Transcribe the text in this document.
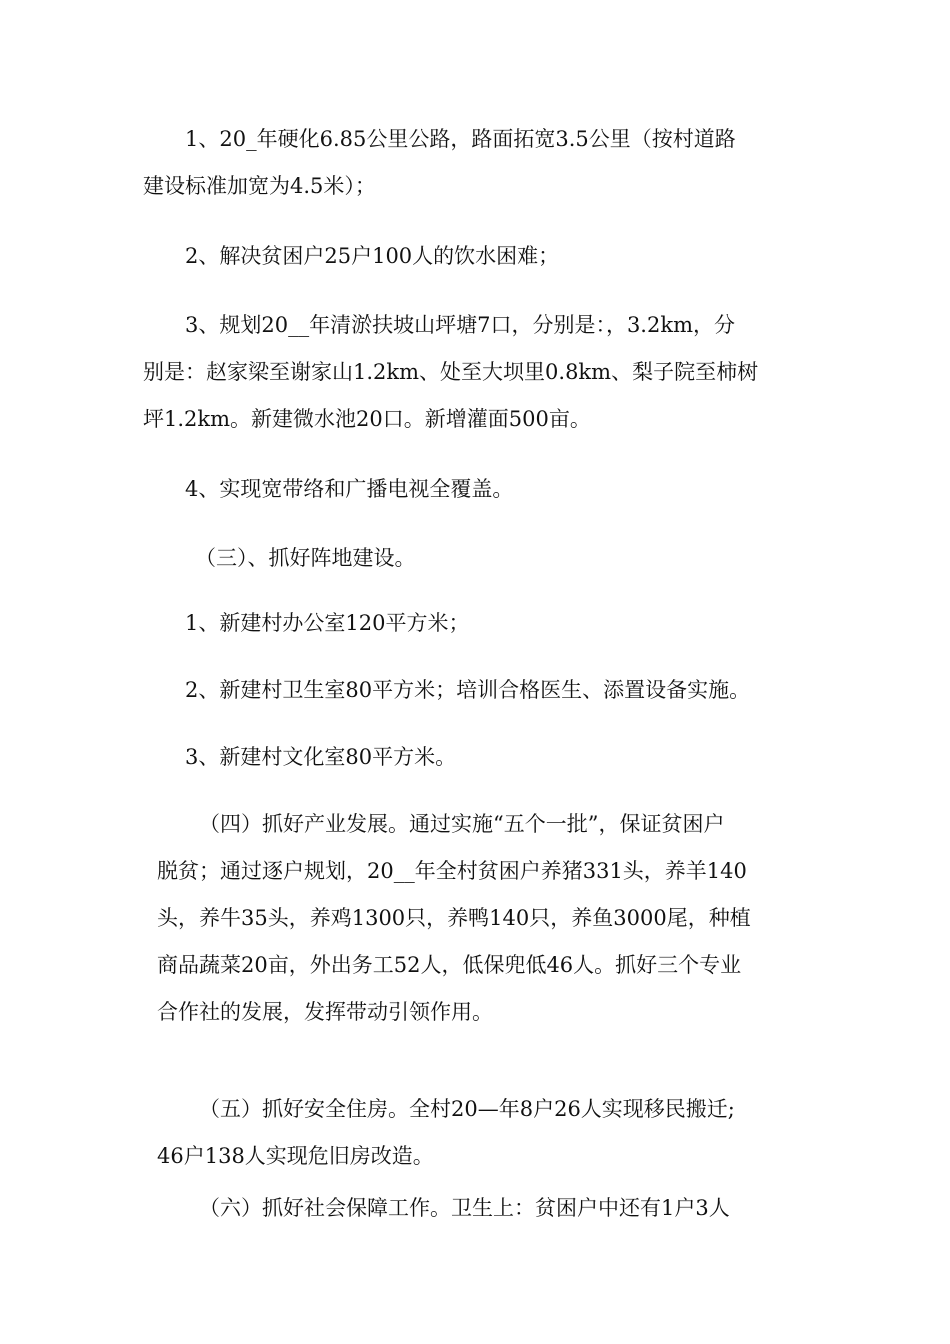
1、20_年硬化6.85公里公路，路面拓宽3.5公里（按村道路
建设标准加宽为4.5米）；

2、解决贫困户25户100人的饮水困难；

3、规划20__年清淤扶坡山坪塘7口，分别是：，3.2km，分
别是：赵家梁至谢家山1.2km、处至大坝里0.8km、梨子院至柿树
坪1.2km。新建微水池20口。新增灌面500亩。

4、实现宽带络和广播电视全覆盖。

（三）、抓好阵地建设。

1、新建村办公室120平方米；

2、新建村卫生室80平方米；培训合格医生、添置设备实施。

3、新建村文化室80平方米。

（四）抓好产业发展。通过实施“五个一批”，保证贫困户
脱贫；通过逐户规划，20__年全村贫困户养猪331头，养羊140
头，养牛35头，养鸡1300只，养鸭140只，养鱼3000尾，种植
商品蔬菜20亩，外出务工52人，低保兜低46人。抓好三个专业
合作社的发展，发挥带动引领作用。

（五）抓好安全住房。全村20—年8户26人实现移民搬迁;
46户138人实现危旧房改造。

（六）抓好社会保障工作。卫生上：贫困户中还有1户3人
